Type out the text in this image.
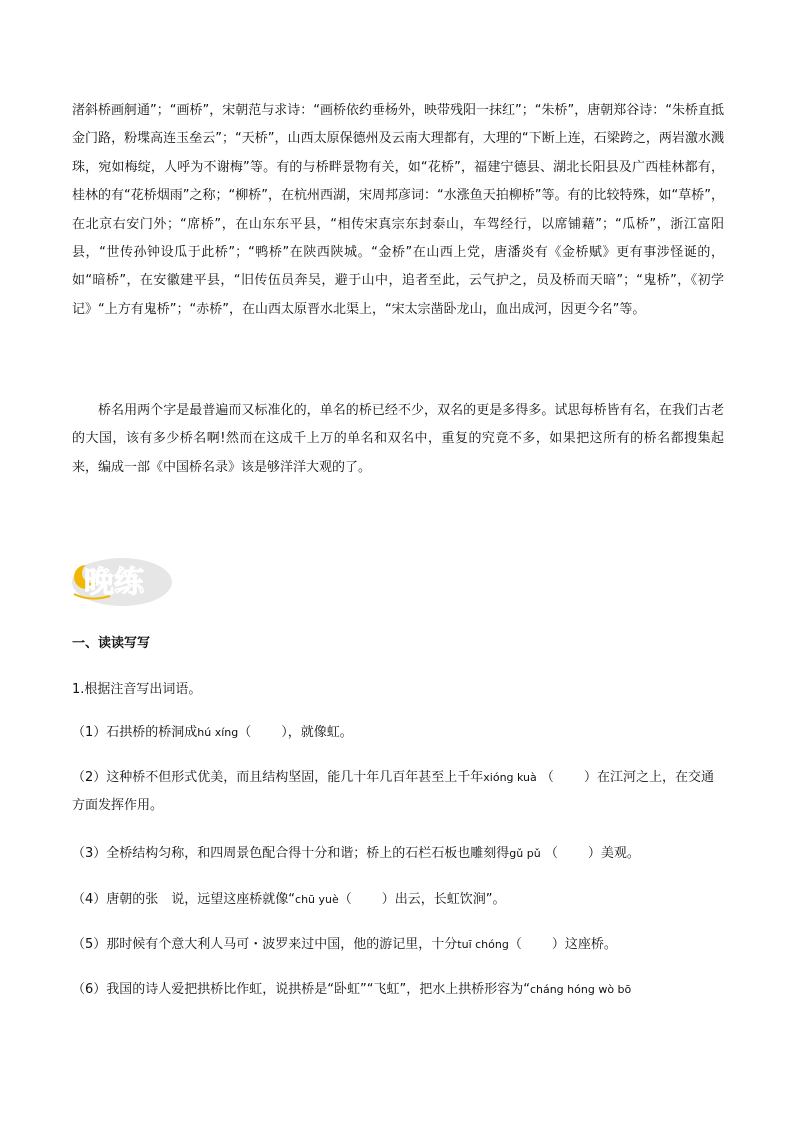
渚斜桥画舸通”；“画桥”，宋朝范与求诗：“画桥依约垂杨外，映带残阳一抹红”；“朱桥”，唐朝郑谷诗：“朱桥直抵金门路，粉堞高连玉垒云”；“天桥”，山西太原保德州及云南大理都有，大理的“下断上连，石梁跨之，两岩激水溅珠，宛如梅绽，人呼为不谢梅”等。有的与桥畔景物有关，如“花桥”，福建宁德县、湖北长阳县及广西桂林都有，桂林的有“花桥烟雨”之称；“柳桥”，在杭州西湖，宋周邦彦词：“水涨鱼天拍柳桥”等。有的比较特殊，如“草桥”，在北京右安门外；“席桥”，在山东东平县，“相传宋真宗东封泰山，车驾经行，以席铺藉”；“瓜桥”，浙江富阳县，“世传孙钟设瓜于此桥”；“鸭桥”在陕西陕城。“金桥”在山西上党，唐潘炎有《金桥赋》更有事涉怪诞的，如“暗桥”，在安徽建平县，“旧传伍员奔吴，避于山中，追者至此，云气护之，员及桥而天暗”；“鬼桥”，《初学记》“上方有鬼桥”；“赤桥”，在山西太原晋水北渠上，“宋太宗凿卧龙山，血出成河，因更今名”等。

桥名用两个字是最普遍而又标准化的，单名的桥已经不少，双名的更是多得多。试思每桥皆有名，在我们古老的大国，该有多少桥名啊!然而在这成千上万的单名和双名中，重复的究竟不多，如果把这所有的桥名都搜集起来，编成一部《中国桥名录》该是够洋洋大观的了。

晚练

一、读读写写

1.根据注音写出词语。

（1）石拱桥的桥洞成hú xíng（ ），就像虹。

（2）这种桥不但形式优美，而且结构坚固，能几十年几百年甚至上千年xióng kuà （ ）在江河之上，在交通方面发挥作用。

（3）全桥结构匀称，和四周景色配合得十分和谐；桥上的石栏石板也雕刻得gǔ pǔ （ ）美观。

（4）唐朝的张　说，远望这座桥就像“chū yuè（ ）出云，长虹饮涧”。

（5）那时候有个意大利人马可・波罗来过中国，他的游记里，十分tuī chóng（ ）这座桥。

（6）我国的诗人爱把拱桥比作虹，说拱桥是“卧虹”“飞虹”，把水上拱桥形容为“cháng hóng wò bō
